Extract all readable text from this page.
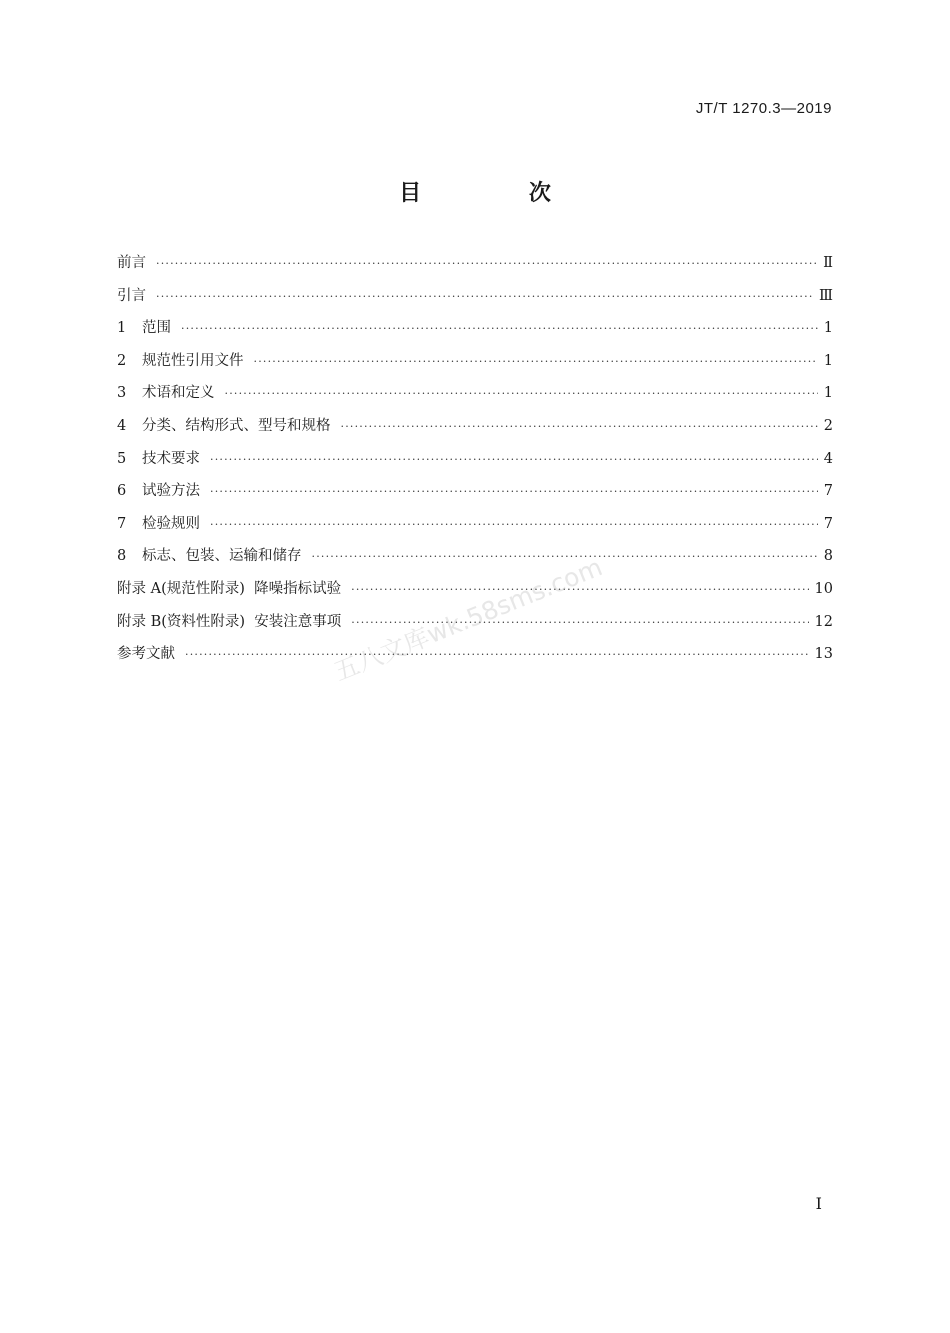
JT/T 1270.3—2019
目 次
前言 ·····	Ⅱ
引言 ·····	Ⅲ
1	范围 ·····	1
2	规范性引用文件 ·····	1
3	术语和定义 ·····	1
4	分类、结构形式、型号和规格 ·····	2
5	技术要求 ·····	4
6	试验方法 ·····	7
7	检验规则 ·····	7
8	标志、包装、运输和储存 ·····	8
附录 A(规范性附录)  降噪指标试验 ·····	10
附录 B(资料性附录)  安装注意事项 ·····	12
参考文献 ·····	13
五八文库wk.58sms.com
Ⅰ
